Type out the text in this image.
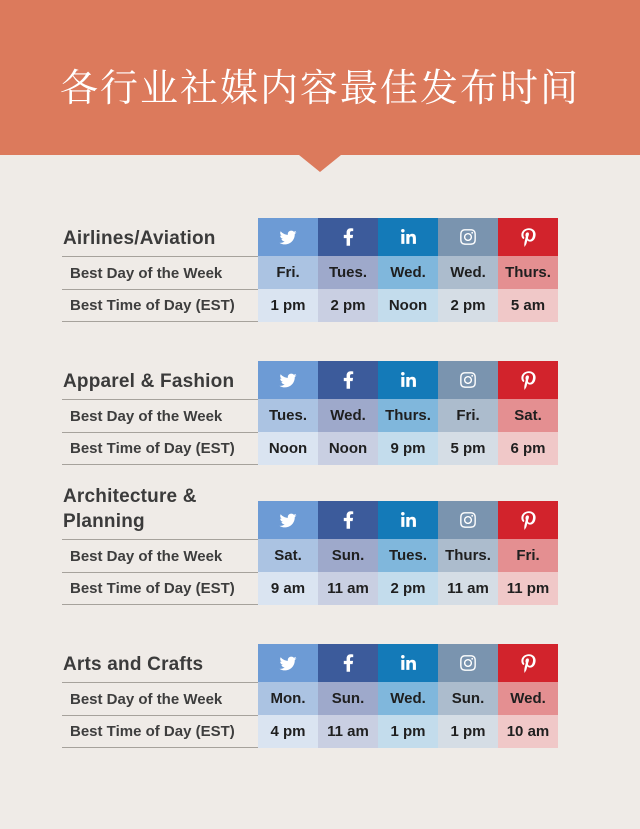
各行业社媒内容最佳发布时间
Airlines/Aviation
Best Day of the Week	Fri.	Tues.	Wed.	Wed.	Thurs.
Best Time of Day (EST)	1 pm	2 pm	Noon	2 pm	5 am
Apparel & Fashion
Best Day of the Week	Tues.	Wed.	Thurs.	Fri.	Sat.
Best Time of Day (EST)	Noon	Noon	9 pm	5 pm	6 pm
Architecture & Planning
Best Day of the Week	Sat.	Sun.	Tues.	Thurs.	Fri.
Best Time of Day (EST)	9 am	11 am	2 pm	11 am	11 pm
Arts and Crafts
Best Day of the Week	Mon.	Sun.	Wed.	Sun.	Wed.
Best Time of Day (EST)	4 pm	11 am	1 pm	1 pm	10 am
